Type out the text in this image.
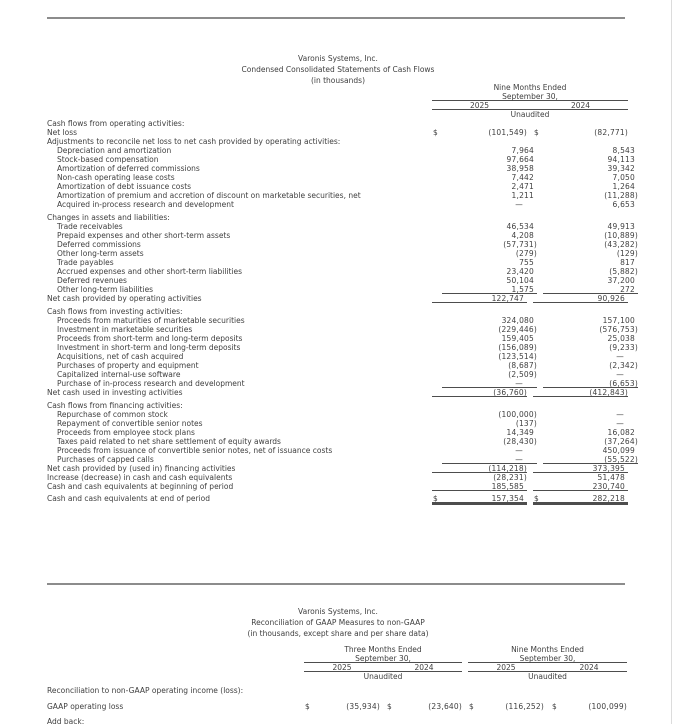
Varonis Systems, Inc.
Condensed Consolidated Statements of Cash Flows
(in thousands)
Nine Months Ended
September 30,
2025	2024
Unaudited
Cash flows from operating activities:
Net loss	$	(101,549) $	(82,771)
Adjustments to reconcile net loss to net cash provided by operating activities:
Depreciation and amortization	7,964	8,543
Stock-based compensation	97,664	94,113
Amortization of deferred commissions	38,958	39,342
Non-cash operating lease costs	7,442	7,050
Amortization of debt issuance costs	2,471	1,264
Amortization of premium and accretion of discount on marketable securities, net	1,211	(11,288)
Acquired in-process research and development	—	6,653
Changes in assets and liabilities:
Trade receivables	46,534	49,913
Prepaid expenses and other short-term assets	4,208	(10,889)
Deferred commissions	(57,731)	(43,282)
Other long-term assets	(279)	(129)
Trade payables	755	817
Accrued expenses and other short-term liabilities	23,420	(5,882)
Deferred revenues	50,104	37,200
Other long-term liabilities	1,575	272
Net cash provided by operating activities	122,747	90,926
Cash flows from investing activities:
Proceeds from maturities of marketable securities	324,080	157,100
Investment in marketable securities	(229,446)	(576,753)
Proceeds from short-term and long-term deposits	159,405	25,038
Investment in short-term and long-term deposits	(156,089)	(9,233)
Acquisitions, net of cash acquired	(123,514)	—
Purchases of property and equipment	(8,687)	(2,342)
Capitalized internal-use software	(2,509)	—
Purchase of in-process research and development	—	(6,653)
Net cash used in investing activities	(36,760)	(412,843)
Cash flows from financing activities:
Repurchase of common stock	(100,000)	—
Repayment of convertible senior notes	(137)	—
Proceeds from employee stock plans	14,349	16,082
Taxes paid related to net share settlement of equity awards	(28,430)	(37,264)
Proceeds from issuance of convertible senior notes, net of issuance costs	—	450,099
Purchases of capped calls	—	(55,522)
Net cash provided by (used in) financing activities	(114,218)	373,395
Increase (decrease) in cash and cash equivalents	(28,231)	51,478
Cash and cash equivalents at beginning of period	185,585	230,740
Cash and cash equivalents at end of period	$	157,354	$	282,218
Varonis Systems, Inc.
Reconciliation of GAAP Measures to non-GAAP
(in thousands, except share and per share data)
Three Months Ended
September 30,
2025	2024
Unaudited
Nine Months Ended
September 30,
2025	2024
Unaudited
Reconciliation to non-GAAP operating income (loss):
GAAP operating loss	$	(35,934) $	(23,640) $	(116,252) $	(100,099)
Add back:
